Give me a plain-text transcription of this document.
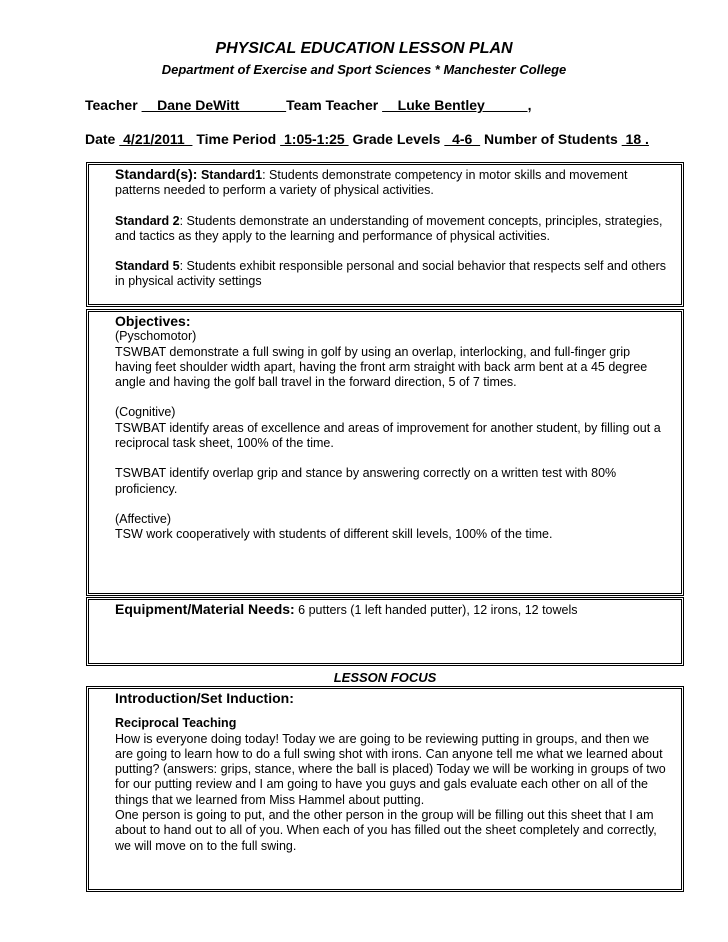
PHYSICAL EDUCATION LESSON PLAN
Department of Exercise and Sport Sciences * Manchester College
Teacher     Dane DeWitt            Team Teacher     Luke Bentley           ,
Date  4/21/2011   Time Period  1:05-1:25  Grade Levels   4-6   Number of Students  18 .

Standard(s): Standard1: Students demonstrate competency in motor skills and movement patterns needed to perform a variety of physical activities.

Standard 2: Students demonstrate an understanding of movement concepts, principles, strategies, and tactics as they apply to the learning and performance of physical activities.

Standard 5: Students exhibit responsible personal and social behavior that respects self and others in physical activity settings

Objectives:

(Pyschomotor)

TSWBAT demonstrate a full swing in golf by using an overlap, interlocking, and full-finger grip having feet shoulder width apart, having the front arm straight with back arm bent at a 45 degree angle and having the golf ball travel in the forward direction, 5 of 7 times.

(Cognitive)

TSWBAT identify areas of excellence and areas of improvement for another student, by filling out a reciprocal task sheet, 100% of the time.

TSWBAT identify overlap grip and stance by answering correctly on a written test with 80% proficiency.

(Affective)

TSW work cooperatively with students of different skill levels, 100% of the time.

Equipment/Material Needs: 6 putters (1 left handed putter), 12 irons, 12 towels

LESSON FOCUS

Introduction/Set Induction:

Reciprocal Teaching

How is everyone doing today! Today we are going to be reviewing putting in groups, and then we are going to learn how to do a full swing shot with irons. Can anyone tell me what we learned about putting? (answers: grips, stance, where the ball is placed) Today we will be working in groups of two for our putting review and I am going to have you guys and gals evaluate each other on all of the things that we learned from Miss Hammel about putting.

One person is going to put, and the other person in the group will be filling out this sheet that I am about to hand out to all of you. When each of you has filled out the sheet completely and correctly, we will move on to the full swing.
